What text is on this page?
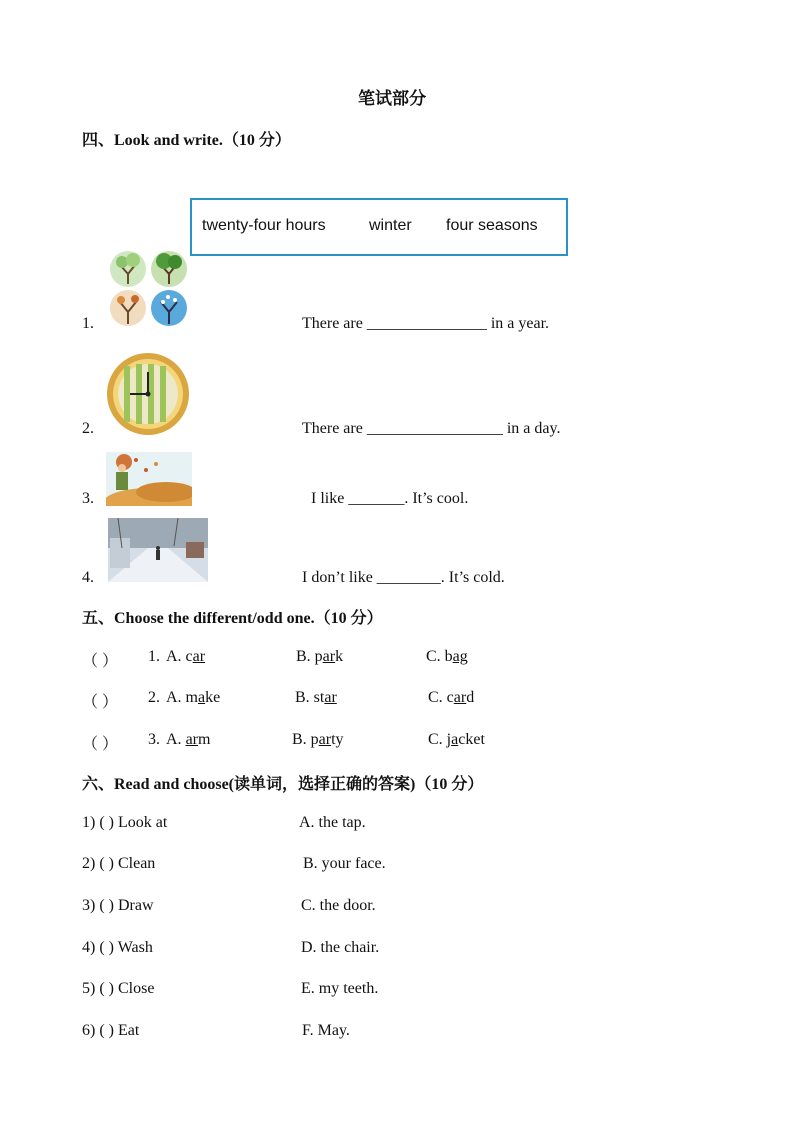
笔试部分
四、Look and write.（10 分）
twenty-four hours	winter four seasons
1.	There are _______________ in a year.
2.	There are _________________ in a day.
3.	I like _______. It’s cool.
4.	I don’t like ________. It’s cold.
五、Choose the different/odd one.（10 分）
（ ） 1. A. car	B. park	C. bag
（ ） 2. A. make	B. star	C. card
（ ） 3. A. arm	B. party	C. jacket
六、Read and choose(读单词，选择正确的答案)（10 分）
1) ( ) Look at	A. the tap.
2) ( ) Clean	B. your face.
3) ( ) Draw	C. the door.
4) ( ) Wash	D. the chair.
5) ( ) Close	E. my teeth.
6) ( ) Eat	F. May.
